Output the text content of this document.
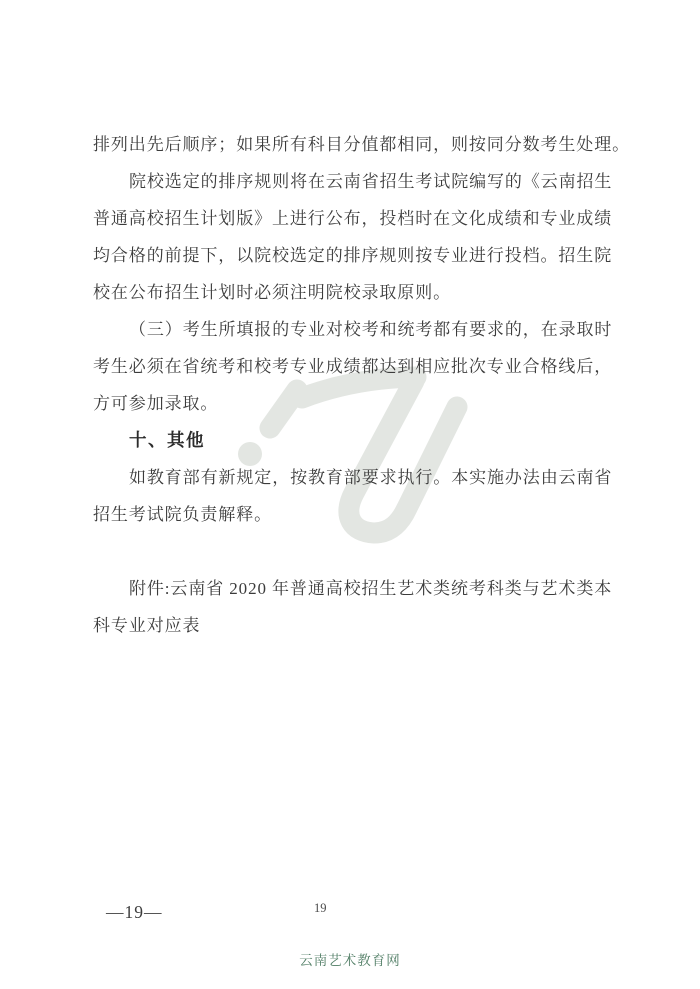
排列出先后顺序；如果所有科目分值都相同，则按同分数考生处理。
院校选定的排序规则将在云南省招生考试院编写的《云南招生
普通高校招生计划版》上进行公布，投档时在文化成绩和专业成绩
均合格的前提下，以院校选定的排序规则按专业进行投档。招生院
校在公布招生计划时必须注明院校录取原则。
（三）考生所填报的专业对校考和统考都有要求的，在录取时
考生必须在省统考和校考专业成绩都达到相应批次专业合格线后，
方可参加录取。
十、其他
如教育部有新规定，按教育部要求执行。本实施办法由云南省
招生考试院负责解释。
附件:云南省 2020 年普通高校招生艺术类统考科类与艺术类本
科专业对应表
—19—	19
云南艺术教育网
